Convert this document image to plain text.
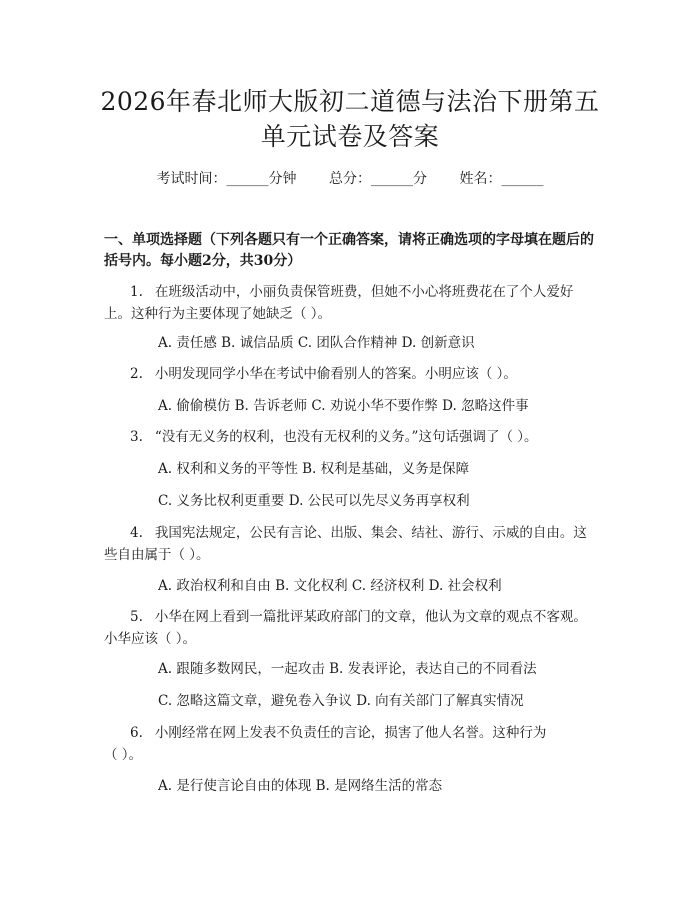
2026年春北师大版初二道德与法治下册第五
单元试卷及答案
考试时间：______分钟 总分：______分 姓名：______
一、单项选择题（下列各题只有一个正确答案，请将正确选项的字母填在题后的
括号内。每小题2分，共30分）
1. 在班级活动中，小丽负责保管班费，但她不小心将班费花在了个人爱好
上。这种行为主要体现了她缺乏（ ）。
A. 责任感 B. 诚信品质 C. 团队合作精神 D. 创新意识
2. 小明发现同学小华在考试中偷看别人的答案。小明应该（ ）。
A. 偷偷模仿 B. 告诉老师 C. 劝说小华不要作弊 D. 忽略这件事
3. “没有无义务的权利，也没有无权利的义务。”这句话强调了（ ）。
A. 权利和义务的平等性 B. 权利是基础，义务是保障
C. 义务比权利更重要 D. 公民可以先尽义务再享权利
4. 我国宪法规定，公民有言论、出版、集会、结社、游行、示威的自由。这
些自由属于（ ）。
A. 政治权利和自由 B. 文化权利 C. 经济权利 D. 社会权利
5. 小华在网上看到一篇批评某政府部门的文章，他认为文章的观点不客观。
小华应该（ ）。
A. 跟随多数网民，一起攻击 B. 发表评论，表达自己的不同看法
C. 忽略这篇文章，避免卷入争议 D. 向有关部门了解真实情况
6. 小刚经常在网上发表不负责任的言论，损害了他人名誉。这种行为
（ ）。
A. 是行使言论自由的体现 B. 是网络生活的常态
